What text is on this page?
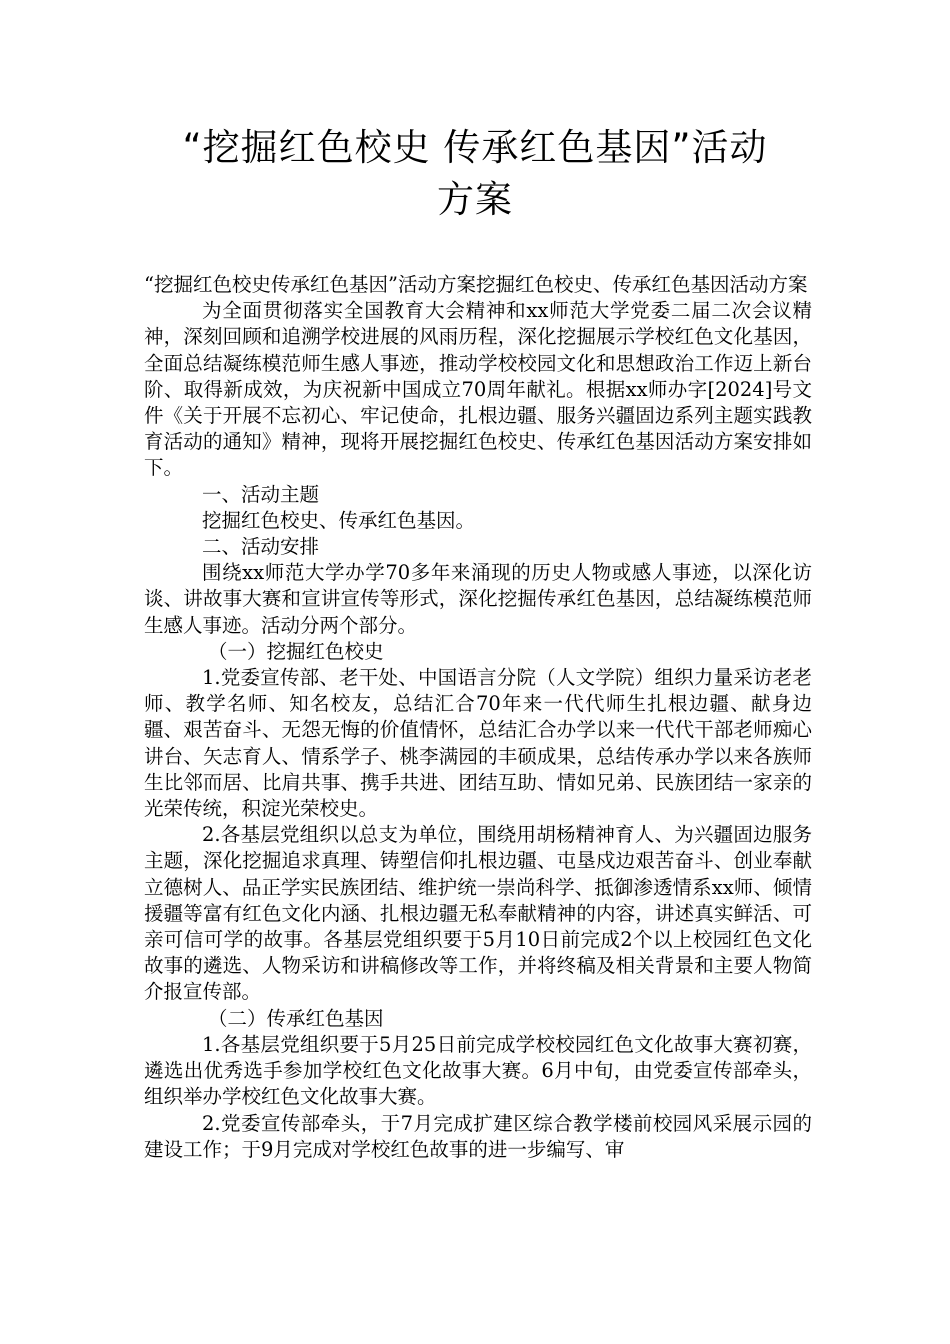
“挖掘红色校史 传承红色基因”活动
方案

“挖掘红色校史传承红色基因”活动方案挖掘红色校史、传承红色基因活动方案

为全面贯彻落实全国教育大会精神和xx师范大学党委二届二次会议精神，深刻回顾和追溯学校进展的风雨历程，深化挖掘展示学校红色文化基因，全面总结凝练模范师生感人事迹，推动学校校园文化和思想政治工作迈上新台阶、取得新成效，为庆祝新中国成立70周年献礼。根据xx师办字[2024]号文件《关于开展不忘初心、牢记使命，扎根边疆、服务兴疆固边系列主题实践教育活动的通知》精神，现将开展挖掘红色校史、传承红色基因活动方案安排如下。

一、活动主题

挖掘红色校史、传承红色基因。

二、活动安排

围绕xx师范大学办学70多年来涌现的历史人物或感人事迹，以深化访谈、讲故事大赛和宣讲宣传等形式，深化挖掘传承红色基因，总结凝练模范师生感人事迹。活动分两个部分。

（一）挖掘红色校史

1.党委宣传部、老干处、中国语言分院（人文学院）组织力量采访老老师、教学名师、知名校友，总结汇合70年来一代代师生扎根边疆、献身边疆、艰苦奋斗、无怨无悔的价值情怀，总结汇合办学以来一代代干部老师痴心讲台、矢志育人、情系学子、桃李满园的丰硕成果，总结传承办学以来各族师生比邻而居、比肩共事、携手共进、团结互助、情如兄弟、民族团结一家亲的光荣传统，积淀光荣校史。

2.各基层党组织以总支为单位，围绕用胡杨精神育人、为兴疆固边服务主题，深化挖掘追求真理、铸塑信仰扎根边疆、屯垦戍边艰苦奋斗、创业奉献立德树人、品正学实民族团结、维护统一崇尚科学、抵御渗透情系xx师、倾情援疆等富有红色文化内涵、扎根边疆无私奉献精神的内容，讲述真实鲜活、可亲可信可学的故事。各基层党组织要于5月10日前完成2个以上校园红色文化故事的遴选、人物采访和讲稿修改等工作，并将终稿及相关背景和主要人物简介报宣传部。

（二）传承红色基因

1.各基层党组织要于5月25日前完成学校校园红色文化故事大赛初赛，遴选出优秀选手参加学校红色文化故事大赛。6月中旬，由党委宣传部牵头，组织举办学校红色文化故事大赛。

2.党委宣传部牵头，于7月完成扩建区综合教学楼前校园风采展示园的建设工作；于9月完成对学校红色故事的进一步编写、审
